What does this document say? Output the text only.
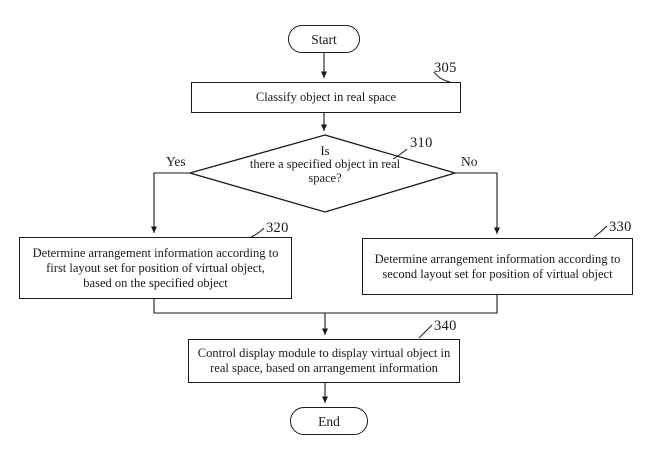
Start
Classify object in real space
305
Is
there a specified object in real
space?
310
Yes	No
Determine arrangement information according to
first layout set for position of virtual object,
based on the specified object
320
Determine arrangement information according to
second layout set for position of virtual object
330
Control display module to display virtual object in
real space, based on arrangement information
340
End
